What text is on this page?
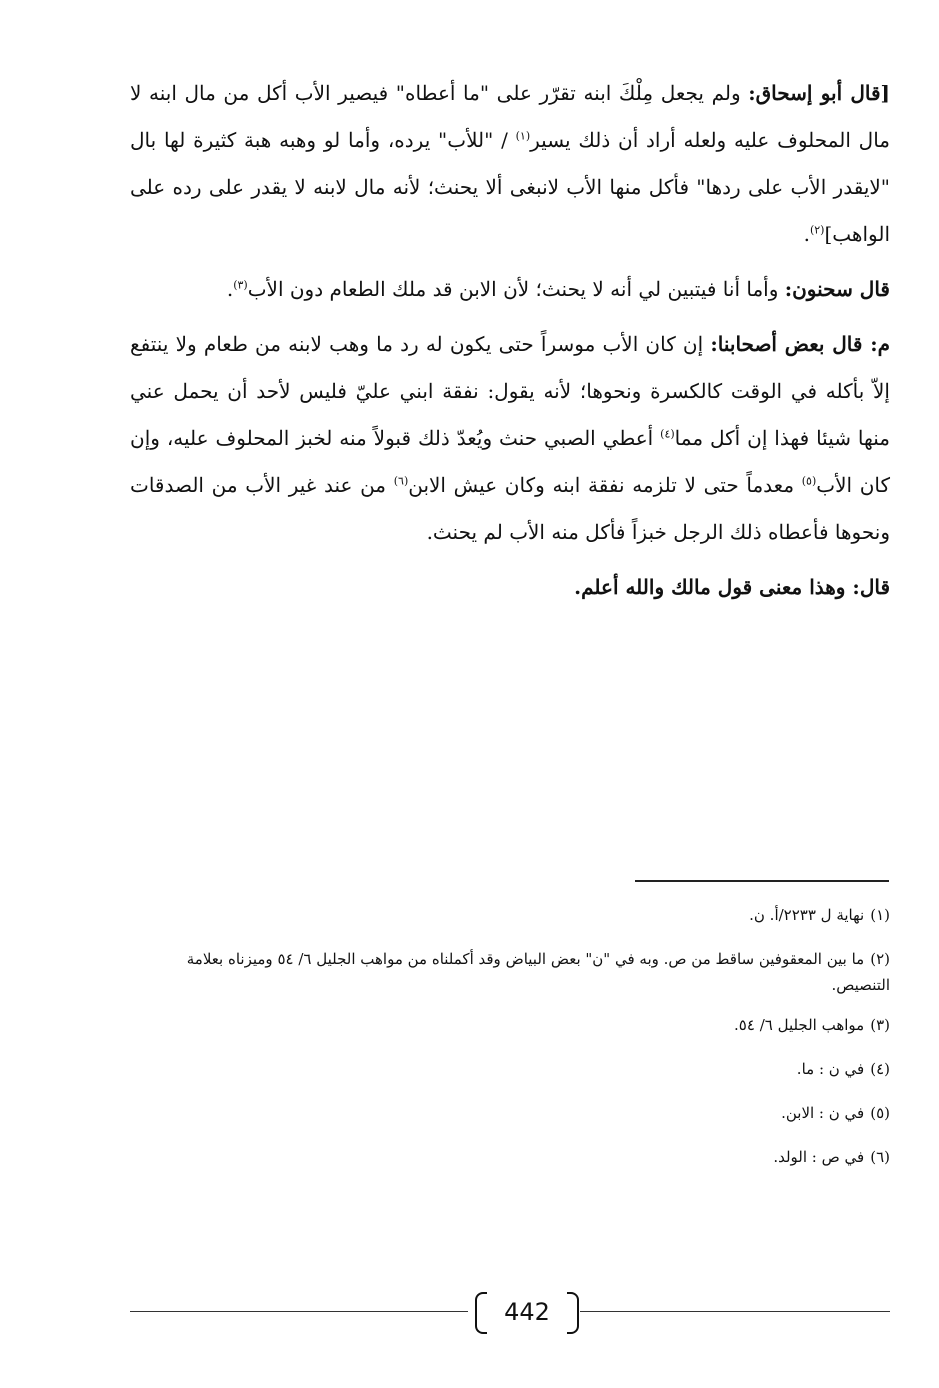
[قال أبو إسحاق: ولم يجعل مِلْكَ ابنه تقرّر على "ما أعطاه" فيصير الأب أكل من مال ابنه لا مال المحلوف عليه ولعله أراد أن ذلك يسير$^{(١)}$ / "للأب" يرده، وأما لو وهبه هبة كثيرة لها بال "لايقدر الأب على ردها" فأكل منها الأب لانبغى ألا يحنث؛ لأنه مال لابنه لا يقدر على رده على الواهب]$^{(٢)}$.

قال سحنون: وأما أنا فيتبين لي أنه لا يحنث؛ لأن الابن قد ملك الطعام دون الأب$^{(٣)}$.

م: قال بعض أصحابنا: إن كان الأب موسراً حتى يكون له رد ما وهب لابنه من طعام ولا ينتفع إلاّ بأكله في الوقت كالكسرة ونحوها؛ لأنه يقول: نفقة ابني عليّ فليس لأحد أن يحمل عني منها شيئا فهذا إن أكل مما$^{(٤)}$ أعطي الصبي حنث ويُعدّ ذلك قبولاً منه لخبز المحلوف عليه، وإن كان الأب$^{(٥)}$ معدماً حتى لا تلزمه نفقة ابنه وكان عيش الابن$^{(٦)}$ من عند غير الأب من الصدقات ونحوها فأعطاه ذلك الرجل خبزاً فأكل منه الأب لم يحنث.

قال: وهذا معنى قول مالك والله أعلم.

(١)نهاية ل ٢٢٣٣/أ. ن.
(٢)ما بين المعقوفين ساقط من ص. وبه في "ن" بعض البياض وقد أكملناه من مواهب الجليل ٦/ ٥٤ وميزناه بعلامة التنصيص.
(٣)مواهب الجليل ٦/ ٥٤.
(٤)في ن : ما.
(٥)في ن : الابن.
(٦)في ص : الولد.
442
